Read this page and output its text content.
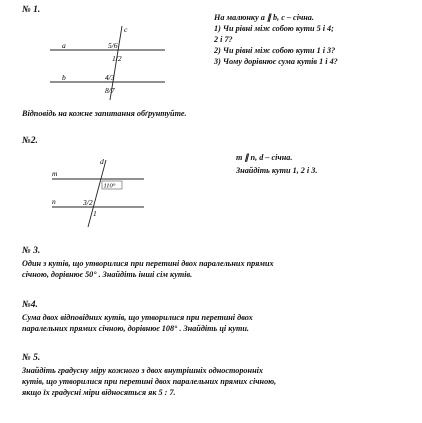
№ 1.
c
a
b
5/6
1/2
4/3
8/7
На малюнку a ∥ b, c – січна.
1) Чи рівні між собою кути 5 і 4;
2 і 7?
2) Чи рівні між собою кути 1 і 3?
3) Чому дорівнює сума кутів 1 і 4?
Відповідь на кожне запитання обґрунтуйте.
№2.
d
m
n
110°
3/2
1
m ∥ n, d – січна.
Знайдіть кути 1, 2 і 3.
№ 3.
Один з кутів, що утворилися при перетині двох паралельних прямих
січною, дорівнює 50° . Знайдіть інші сім кутів.
№4.
Сума двох відповідних кутів, що утворилися при перетині двох
паралельних прямих січною, дорівнює 108° . Знайдіть ці кути.
№ 5.
Знайдіть градусну міру кожного з двох внутрішніх односторонніх
кутів, що утворилися при перетині двох паралельних прямих січною,
якщо їх градусні міри відносяться як 5 : 7.
